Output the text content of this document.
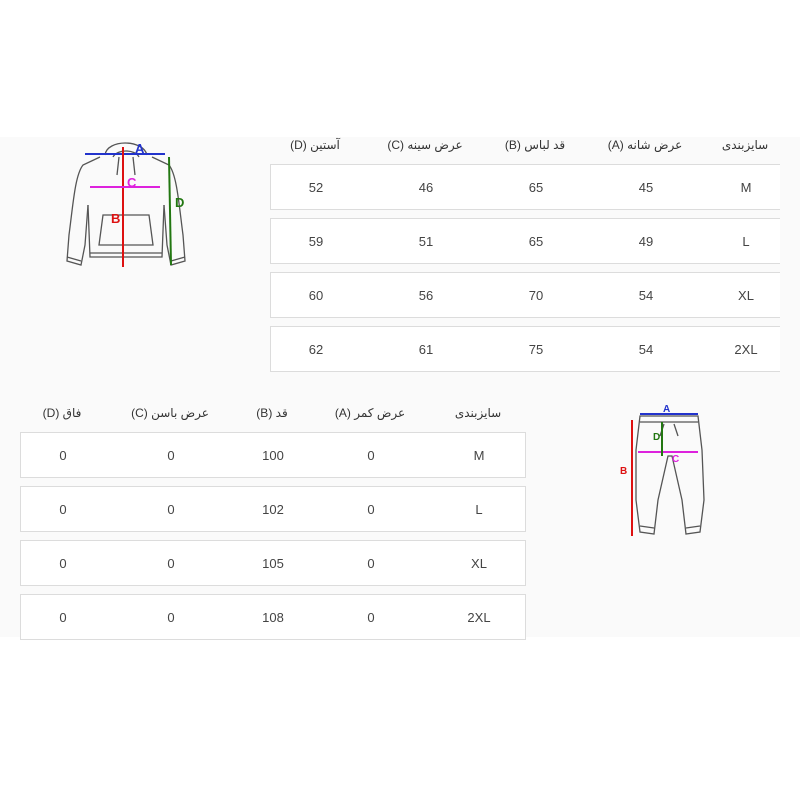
A
B
C
D
آستین (D)	عرض سینه (C)	قد لباس (B)	عرض شانه (A)	سایزبندی
52	46	65	45	M
59	51	65	49	L
60	56	70	54	XL
62	61	75	54	2XL
فاق (D)	عرض باسن (C)	قد (B)	عرض کمر (A)	سایزبندی
0	0	100	0	M
0	0	102	0	L
0	0	105	0	XL
0	0	108	0	2XL
A
B
C
D
